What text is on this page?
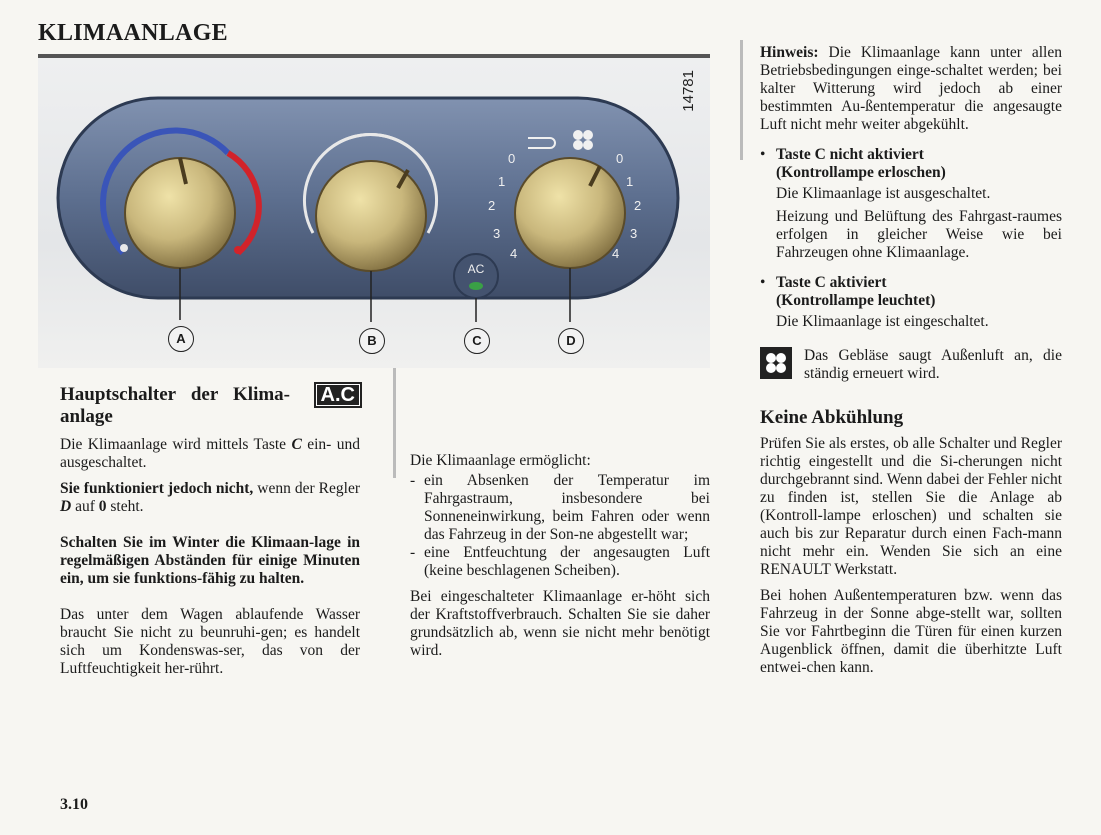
KLIMAANLAGE
0
1
2
3
4
0
1
2
3
4
AC
A	B	C	D
14781
Hauptschalter der Klima-anlage
A.C

Die Klimaanlage wird mittels Taste C ein- und ausgeschaltet.

Sie funktioniert jedoch nicht, wenn der Regler D auf 0 steht.

Schalten Sie im Winter die Klimaan-lage in regelmäßigen Abständen für einige Minuten ein, um sie funktions-fähig zu halten.

Das unter dem Wagen ablaufende Wasser braucht Sie nicht zu beunruhi-gen; es handelt sich um Kondenswas-ser, das von der Luftfeuchtigkeit her-rührt.

Die Klimaanlage ermöglicht:

- ein Absenken der Temperatur im Fahrgastraum, insbesondere bei Sonneneinwirkung, beim Fahren oder wenn das Fahrzeug in der Son-ne abgestellt war;
- eine Entfeuchtung der angesaugten Luft (keine beschlagenen Scheiben).

Bei eingeschalteter Klimaanlage er-höht sich der Kraftstoffverbrauch. Schalten Sie sie daher grundsätzlich ab, wenn sie nicht mehr benötigt wird.

Hinweis: Die Klimaanlage kann unter allen Betriebsbedingungen einge-schaltet werden; bei kalter Witterung wird jedoch ab einer bestimmten Au-ßentemperatur die angesaugte Luft nicht mehr weiter abgekühlt.

• Taste C nicht aktiviert
(Kontrollampe erloschen)
Die Klimaanlage ist ausgeschaltet.
Heizung und Belüftung des Fahrgast-raumes erfolgen in gleicher Weise wie bei Fahrzeugen ohne Klimaanlage.
• Taste C aktiviert
(Kontrollampe leuchtet)
Die Klimaanlage ist eingeschaltet.
Das Gebläse saugt Außenluft an, die ständig erneuert wird.
Keine Abkühlung

Prüfen Sie als erstes, ob alle Schalter und Regler richtig eingestellt und die Si-cherungen nicht durchgebrannt sind. Wenn dabei der Fehler nicht zu finden ist, stellen Sie die Anlage ab (Kontroll-lampe erloschen) und schalten sie auch bis zur Reparatur durch einen Fach-mann nicht mehr ein. Wenden Sie sich an eine RENAULT Werkstatt.

Bei hohen Außentemperaturen bzw. wenn das Fahrzeug in der Sonne abge-stellt war, sollten Sie vor Fahrtbeginn die Türen für einen kurzen Augenblick öffnen, damit die überhitzte Luft entwei-chen kann.

3.10
